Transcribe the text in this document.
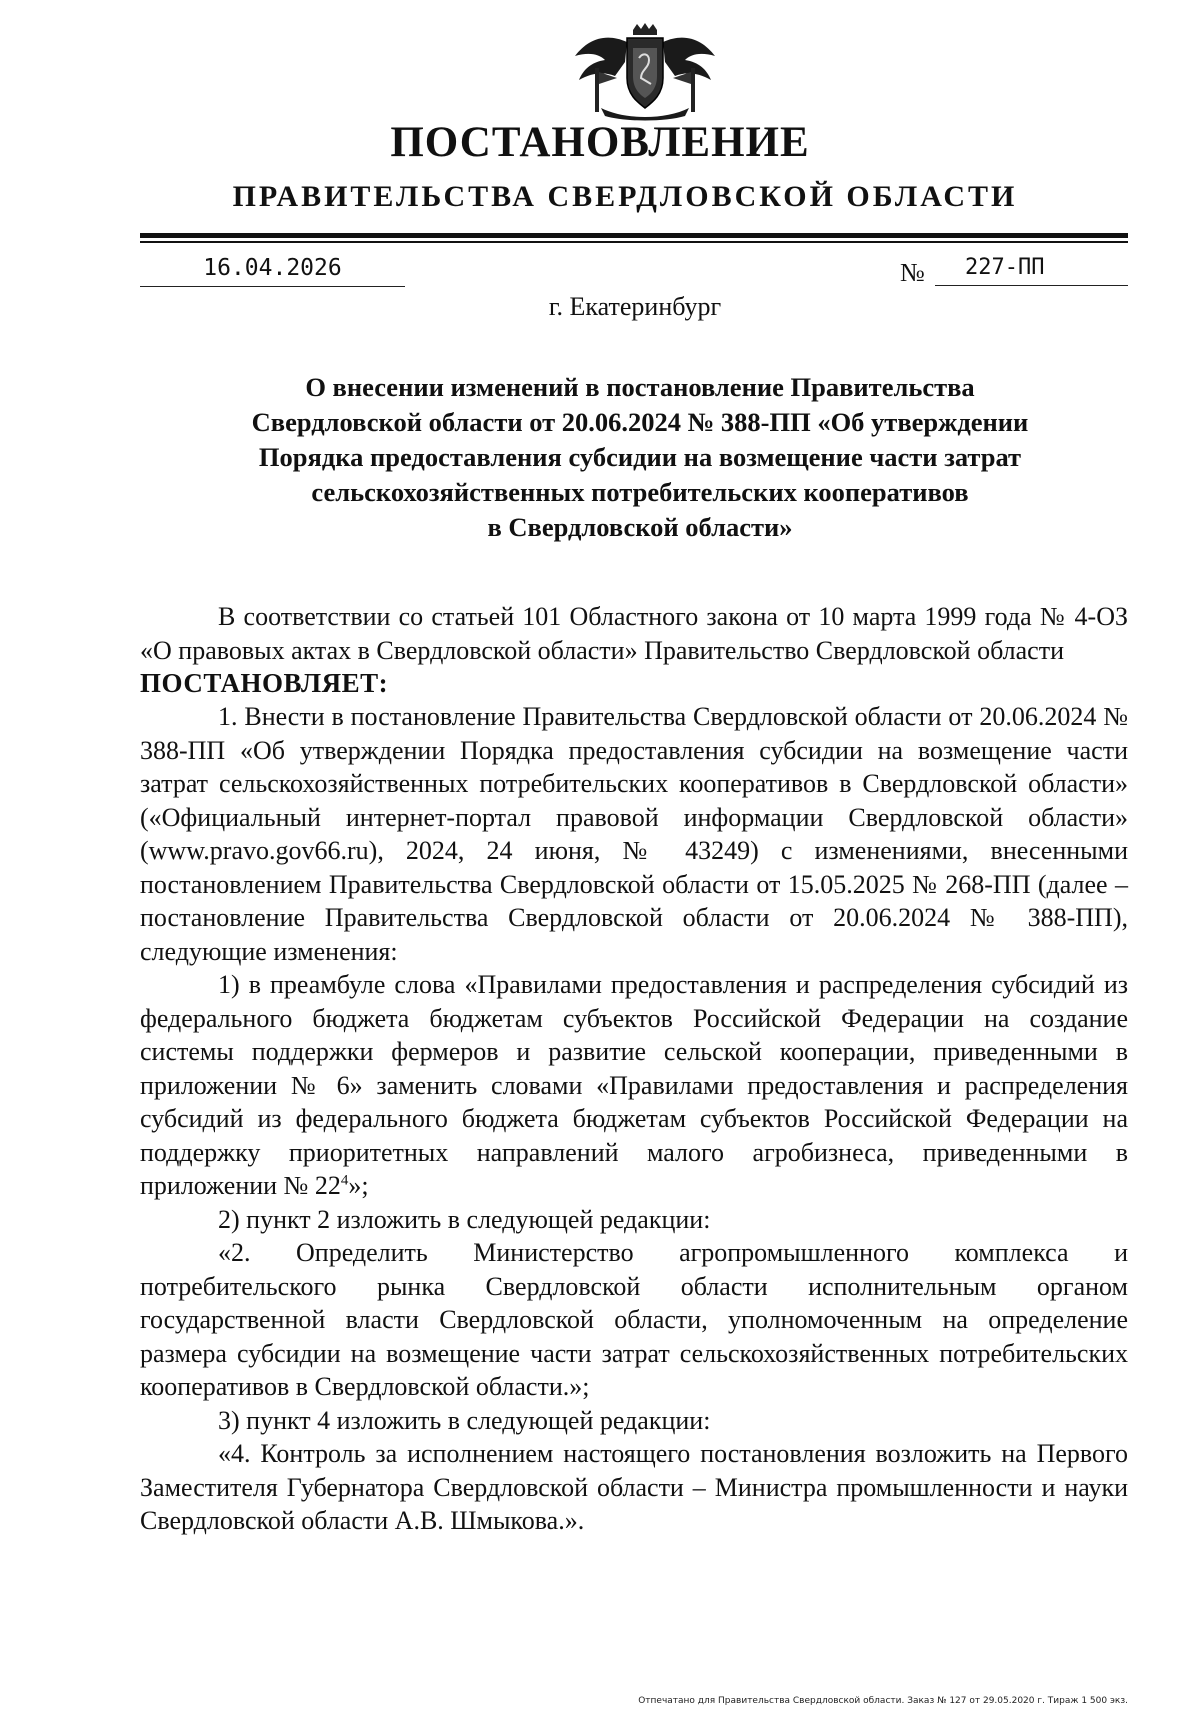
ПОСТАНОВЛЕНИЕ
ПРАВИТЕЛЬСТВА СВЕРДЛОВСКОЙ ОБЛАСТИ
16.04.2026	№	227-ПП
г. Екатеринбург
О внесении изменений в постановление Правительства
Свердловской области от 20.06.2024 № 388-ПП «Об утверждении
Порядка предоставления субсидии на возмещение части затрат
сельскохозяйственных потребительских кооперативов
в Свердловской области»

В соответствии со статьей 101 Областного закона от 10 марта 1999 года № 4-ОЗ «О правовых актах в Свердловской области» Правительство Свердловской области

ПОСТАНОВЛЯЕТ:

1. Внести в постановление Правительства Свердловской области от 20.06.2024 № 388-ПП «Об утверждении Порядка предоставления субсидии на возмещение части затрат сельскохозяйственных потребительских кооперативов в Свердловской области» («Официальный интернет-портал правовой информации Свердловской области» (www.pravo.gov66.ru), 2024, 24 июня, № 43249) с изменениями, внесенными постановлением Правительства Свердловской области от 15.05.2025 № 268-ПП (далее – постановление Правительства Свердловской области от 20.06.2024 № 388-ПП), следующие изменения:

1) в преамбуле слова «Правилами предоставления и распределения субсидий из федерального бюджета бюджетам субъектов Российской Федерации на создание системы поддержки фермеров и развитие сельской кооперации, приведенными в приложении № 6» заменить словами «Правилами предоставления и распределения субсидий из федерального бюджета бюджетам субъектов Российской Федерации на поддержку приоритетных направлений малого агробизнеса, приведенными в приложении № $22^4$»;

2) пункт 2 изложить в следующей редакции:

«2. Определить Министерство агропромышленного комплекса и потребительского рынка Свердловской области исполнительным органом государственной власти Свердловской области, уполномоченным на определение размера субсидии на возмещение части затрат сельскохозяйственных потребительских кооперативов в Свердловской области.»;

3) пункт 4 изложить в следующей редакции:

«4. Контроль за исполнением настоящего постановления возложить на Первого Заместителя Губернатора Свердловской области – Министра промышленности и науки Свердловской области А.В. Шмыкова.».

Отпечатано для Правительства Свердловской области. Заказ № 127 от 29.05.2020 г. Тираж 1 500 экз.
